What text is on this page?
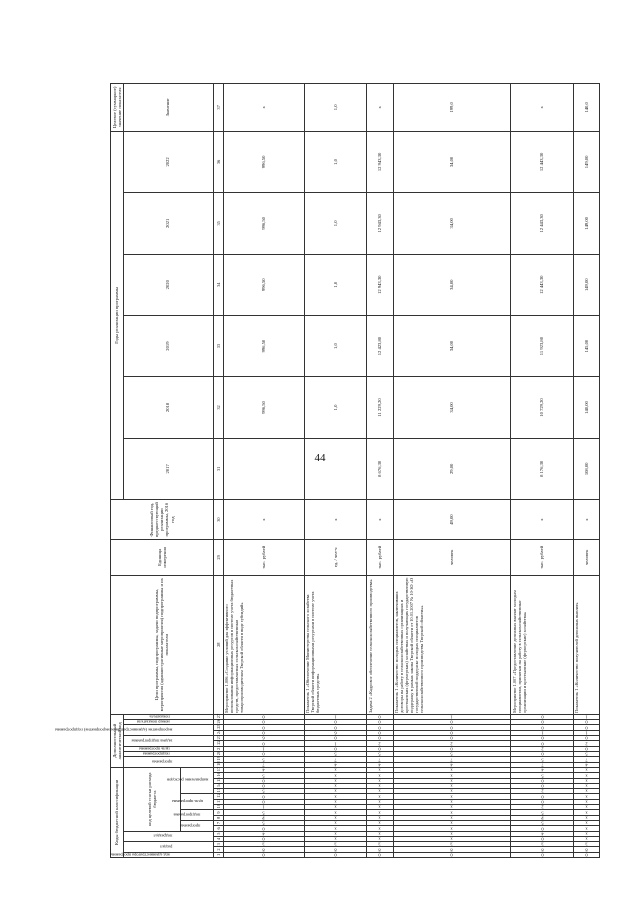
44
Коды бюджетной классификации																	Дополнительный аналитический код										Цели программы, подпрограммы, задачи подпрограммы, мероприятия (административные мероприятия) подпрограммы и их показатели	Единица измерения	Финансовый год, предшествующий реализации программы, 2016 год	Годы реализации программы						Целевое (суммарное) значение показателя

код администратора программы	раздел		подраздел		код целевой статьи расхода бюджета												программа		подпрограмма	цель программы	задача подпрограммы		мероприятие (административное мероприятие) подпрограммы		номер показателя	показатель				2017	2018	2019	2020	2021	2022	Значение

					программа		подпрограмма		цель программы			направление расходов																								

1	2	3	4	5	6	7	8	9	10	11	12	13	14	15	16	17	18	19	20	21	22	23	24	25	26	27	28	29	30	31	32	33	34	35	36	37

0	8	3	0	4	0	5	Р	5	1	0	0	5	0	0	5	4	7	5	0	1	0	6	0	0	0	0	Мероприятие 1.006 «Создание условий для эффективного использования информационных ресурсов в системе учета бюджетных средств, предоставляемых сельскохозяйственным товаропроизводителям Тверской области в виде субсидий»	тыс. рублей	х		996,50	996,50	996,50	996,50	996,50	х

0	8	3	х	х	х	х	х	х	х	х	х	х	х	х	х	х	4	7	5	0	1	0	6	0	0	1	Показатель 1 «Обеспечение Министерства сельского хозяйства Тверской области информационными ресурсами в системе учета бюджетных средств»	ед. / чел-ч	х		1,0	1,0	1,0	1,0	1,0	1,0

0	8	3	х	х	х	х	х	х	х	х	х	х	х	х	х	х	4	7	5	0	2	0	0	0	0	0	Задача 2 «Кадровое обеспечение сельскохозяйственного производства»	тыс. рублей	х	8 676,30	11 229,20	12 423,80	12 943,30	12 943,30	12 943,30	х

0	8	3	х	х	х	х	х	х	х	х	х	х	х	х	х	х	4	7	5	0	2	0	0	0	0	1	Показатель 1 «Количество молодых специалистов, заключивших договоры на работу в сельскохозяйственных организациях и крестьянских (фермерских) хозяйствах и получающих государственную поддержку в рамках закона Тверской области от 10.01.2007 № 10-ЗО «О государственной поддержке молодых специалистов сельскохозяйственного производства Тверской области»»	человек	49,00	29,00	34,00	34,00	34,00	34,00	34,00	199,0

0	8	3	0	4	0	5	Р	5	2	0	0	2	0	0	5	4	7	5	0	2	0	0	1	0	0	0	Мероприятие 1.007 «Предоставление денежных выплат молодым специалистам, принятым на работу в сельскохозяйственные организации и крестьянские (фермерские) хозяйства»	тыс. рублей	х	8 176,30	10 729,20	11 923,80	12 443,30	12 443,30	12 443,30	х

0	8	3	х	х	х	х	х	х	х	х	х	х	х	х	х	х	4	7	5	0	2	0	1	0	0	1	Показатель 1 «Количество получателей денежных выплат»	человек	х	108,00	140,00	145,00	149,00	149,00	149,00	140,0
